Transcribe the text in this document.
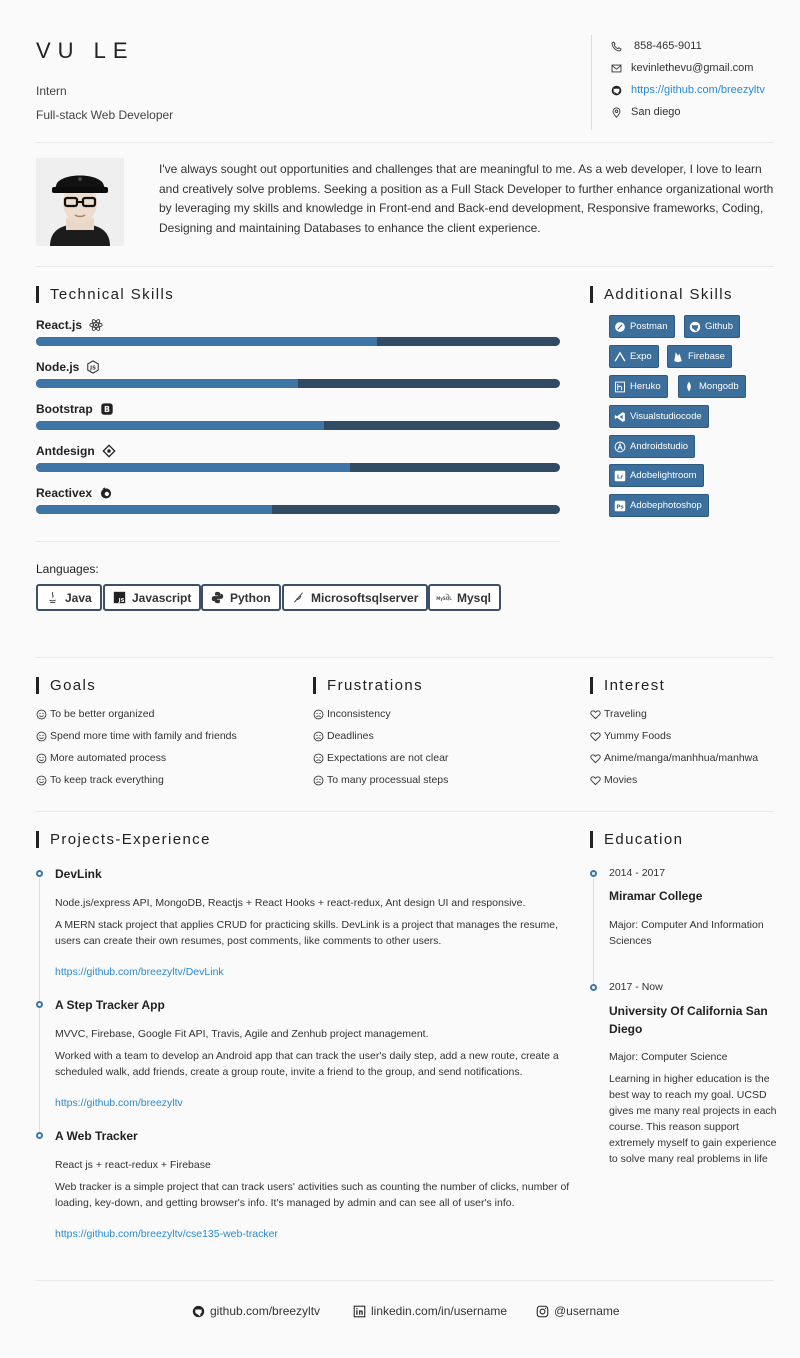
VU LE
Intern
Full-stack Web Developer
858-465-9011
kevinlethevu@gmail.com
https://github.com/breezyltv
San diego
I've always sought out opportunities and challenges that are meaningful to me. As a web developer, I love to learn and creatively solve problems. Seeking a position as a Full Stack Developer to further enhance organizational worth by leveraging my skills and knowledge in Front-end and Back-end development, Responsive frameworks, Coding, Designing and maintaining Databases to enhance the client experience.
Technical Skills
React.js
Node.js JS
Bootstrap B
Antdesign
Reactivex
Additional Skills
Postman	Github
Expo	Firebase
Heruko	Mongodb
Visualstudiocode
Androidstudio
Lr Adobelightroom
Ps Adobephotoshop
Languages:
Java	JS Javascript	Python	Microsoftsqlserver	MySQL Mysql
Goals	Frustrations	Interest
To be better organized
Spend more time with family and friends
More automated process
To keep track everything
Inconsistency
Deadlines
Expectations are not clear
To many processual steps
Traveling
Yummy Foods
Anime/manga/manhhua/manhwa
Movies
Projects-Experience
DevLink
Node.js/express API, MongoDB, Reactjs + React Hooks + react-redux, Ant design UI and responsive.
A MERN stack project that applies CRUD for practicing skills. DevLink is a project that manages the resume, users can create their own resumes, post comments, like comments to other users.
https://github.com/breezyltv/DevLink
A Step Tracker App
MVVC, Firebase, Google Fit API, Travis, Agile and Zenhub project management.
Worked with a team to develop an Android app that can track the user's daily step, add a new route, create a scheduled walk, add friends, create a group route, invite a friend to the group, and send notifications.
https://github.com/breezyltv
A Web Tracker
React js + react-redux + Firebase
Web tracker is a simple project that can track users' activities such as counting the number of clicks, number of loading, key-down, and getting browser's info. It's managed by admin and can see all of user's info.
https://github.com/breezyltv/cse135-web-tracker
Education
2014 - 2017
Miramar College
Major: Computer And Information Sciences
2017 - Now
University Of California San Diego
Major: Computer Science
Learning in higher education is the best way to reach my goal. UCSD gives me many real projects in each course. This reason support extremely myself to gain experience to solve many real problems in life
github.com/breezyltv	linkedin.com/in/username	@username
